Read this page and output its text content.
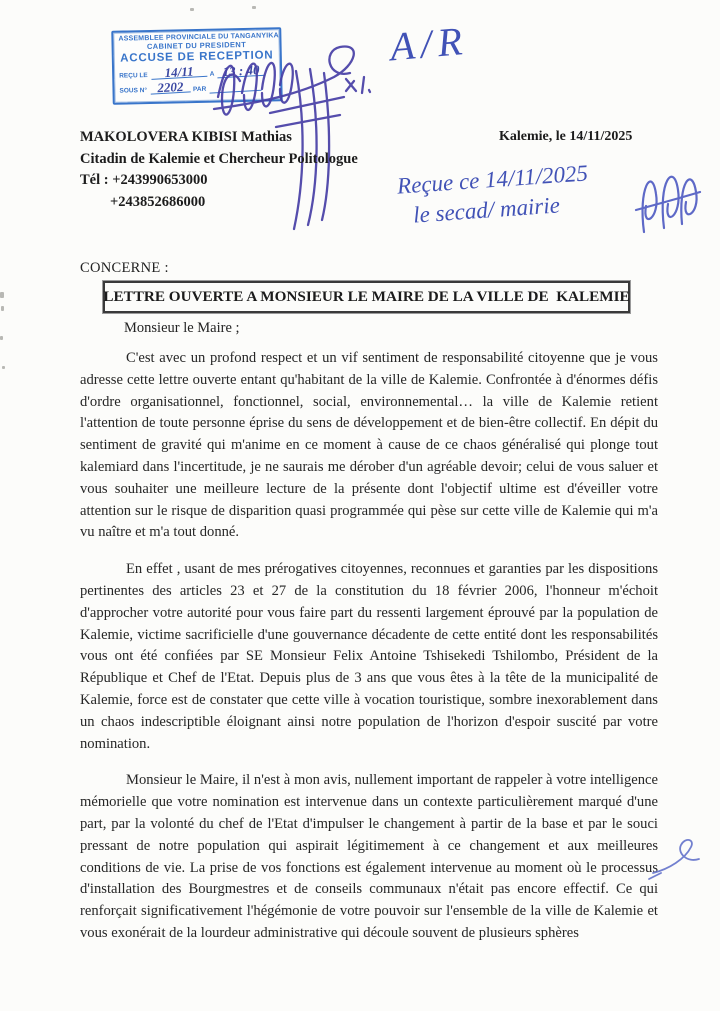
ASSEMBLEE PROVINCIALE DU TANGANYIKA
CABINET DU PRESIDENT
ACCUSE DE RECEPTION
REÇU LE	14/11	A 13 : 40
SOUS N° 2202	PAR
A/R
MAKOLOVERA KIBISI Mathias
Citadin de Kalemie et Chercheur Politologue
Tél : +243990653000
+243852686000
Kalemie, le 14/11/2025
Reçue ce 14/11/2025
le secad/ mairie
CONCERNE :
LETTRE OUVERTE A MONSIEUR LE MAIRE DE LA VILLE DE  KALEMIE
Monsieur le Maire ;

C'est avec un profond respect et un vif sentiment de responsabilité citoyenne que je vous adresse cette lettre ouverte entant qu'habitant de la ville de Kalemie. Confrontée à d'énormes défis d'ordre organisationnel, fonctionnel, social, environnemental… la ville de Kalemie retient l'attention de toute personne éprise du sens de développement et de bien-être collectif. En dépit du sentiment de gravité qui m'anime en ce moment à cause de ce chaos généralisé qui plonge tout kalemiard dans l'incertitude, je ne saurais me dérober d'un agréable devoir; celui de vous saluer et vous souhaiter une meilleure lecture de la présente dont l'objectif ultime est d'éveiller votre attention sur le risque de disparition quasi programmée qui pèse sur cette ville de Kalemie qui m'a vu naître et m'a tout donné.

En effet , usant de mes prérogatives citoyennes, reconnues et garanties par les dispositions pertinentes des articles 23 et 27 de la constitution du 18 février 2006, l'honneur m'échoit d'approcher votre autorité pour vous faire part du ressenti largement éprouvé par la population de Kalemie, victime sacrificielle d'une gouvernance décadente de cette entité dont les responsabilités vous ont été confiées par SE Monsieur Felix Antoine Tshisekedi Tshilombo, Président de la République et Chef de l'Etat. Depuis plus de 3 ans que vous êtes à la tête de la municipalité de Kalemie, force est de constater que cette ville à vocation touristique, sombre inexorablement dans un chaos indescriptible éloignant ainsi notre population de l'horizon d'espoir suscité par votre nomination.

Monsieur le Maire, il n'est à mon avis, nullement important de rappeler à votre intelligence mémorielle que votre nomination est intervenue dans un contexte particulièrement marqué d'une part, par la volonté du chef de l'Etat d'impulser le changement à partir de la base et par le souci pressant de notre population qui aspirait légitimement à ce changement et aux meilleures conditions de vie. La prise de vos fonctions est également intervenue au moment où le processus d'installation des Bourgmestres et de conseils communaux n'était pas encore effectif. Ce qui renforçait significativement l'hégémonie de votre pouvoir sur l'ensemble de la ville de Kalemie et vous exonérait de la lourdeur administrative qui découle souvent de plusieurs sphères
